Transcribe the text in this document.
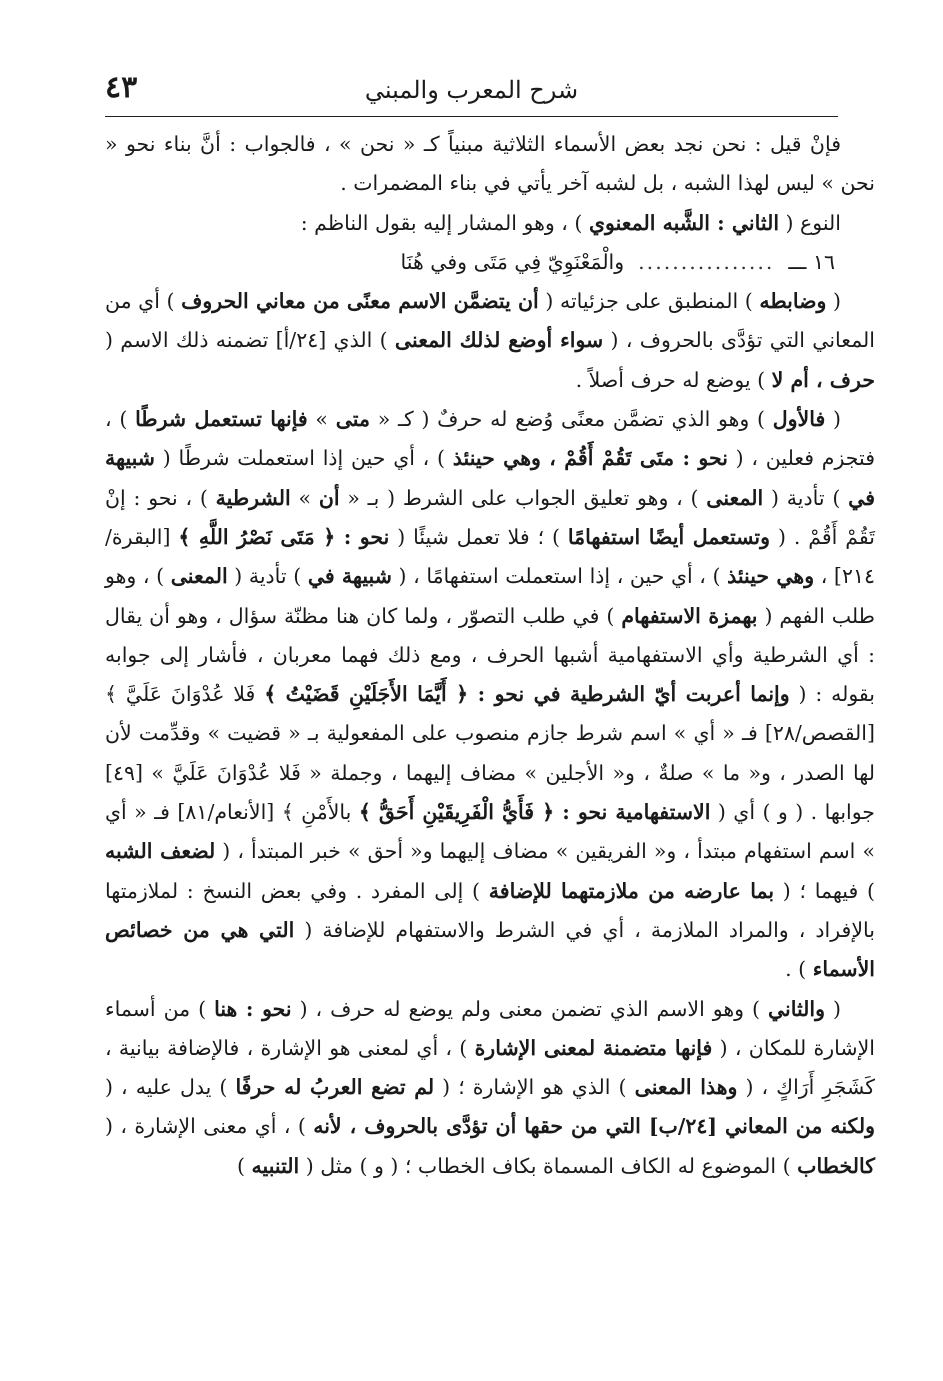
شرح المعرب والمبني
٤٣

فإنْ قيل : نحن نجد بعض الأسماء الثلاثية مبنياً كـ « نحن » ، فالجواب : أنَّ بناء نحو « نحن » ليس لهذا الشبه ، بل لشبه آخر يأتي في بناء المضمرات .

النوع ( الثاني : الشَّبه المعنوي ) ، وهو المشار إليه بقول الناظم :

١٦ ـــ
................
والْمَعْنَوِيّ فِي مَتَى وفي هُنَا

( وضابطه ) المنطبق على جزئياته ( أن يتضمَّن الاسم معنًى من معاني الحروف ) أي من المعاني التي تؤدَّى بالحروف ، ( سواء أوضع لذلك المعنى ) الذي [٢٤/أ] تضمنه ذلك الاسم ( حرف ، أم لا ) يوضع له حرف أصلاً .

( فالأول ) وهو الذي تضمَّن معنًى وُضع له حرفٌ ( كـ « متى » فإنها تستعمل شرطًا ) ، فتجزم فعلين ، ( نحو : متَى تَقُمْ أَقُمْ ، وهي حينئذ ) ، أي حين إذا استعملت شرطًا ( شبيهة في ) تأدية ( المعنى ) ، وهو تعليق الجواب على الشرط ( بـ « أن » الشرطية ) ، نحو : إنْ تَقُمْ أَقُمْ . ( وتستعمل أيضًا استفهامًا ) ؛ فلا تعمل شيئًا ( نحو : ﴿ مَتَى نَصْرُ اللَّهِ ﴾ [البقرة/٢١٤] ، وهي حينئذ ) ، أي حين ، إذا استعملت استفهامًا ، ( شبيهة في ) تأدية ( المعنى ) ، وهو طلب الفهم ( بهمزة الاستفهام ) في طلب التصوّر ، ولما كان هنا مظنّة سؤال ، وهو أن يقال : أي الشرطية وأي الاستفهامية أشبها الحرف ، ومع ذلك فهما معربان ، فأشار إلى جوابه بقوله : ( وإنما أعربت أيّ الشرطية في نحو : ﴿ أَيَّمَا الأَجَلَيْنِ قَضَيْتُ ﴾ فَلا عُدْوَانَ عَلَيَّ ﴾ [القصص/٢٨] فـ « أي » اسم شرط جازم منصوب على المفعولية بـ « قضيت » وقدِّمت لأن لها الصدر ، و« ما » صلةٌ ، و« الأجلين » مضاف إليهما ، وجملة « فَلا عُدْوَانَ عَلَيَّ » [٤٩] جوابها . ( و ) أي ( الاستفهامية نحو : ﴿ فَأَيُّ الْفَرِيقَيْنِ أَحَقُّ ﴾ بالأَمْنِ ﴾ [الأنعام/٨١] فـ « أي » اسم استفهام مبتدأ ، و« الفريقين » مضاف إليهما و« أحق » خبر المبتدأ ، ( لضعف الشبه ) فيهما ؛ ( بما عارضه من ملازمتهما للإضافة ) إلى المفرد . وفي بعض النسخ : لملازمتها بالإفراد ، والمراد الملازمة ، أي في الشرط والاستفهام للإضافة ( التي هي من خصائص الأسماء ) .

( والثاني ) وهو الاسم الذي تضمن معنى ولم يوضع له حرف ، ( نحو : هنا ) من أسماء الإشارة للمكان ، ( فإنها متضمنة لمعنى الإشارة ) ، أي لمعنى هو الإشارة ، فالإضافة بيانية ، كَشَجَرِ أَرَاكٍ ، ( وهذا المعنى ) الذي هو الإشارة ؛ ( لم تضع العربُ له حرفًا ) يدل عليه ، ( ولكنه من المعاني [٢٤/ب] التي من حقها أن تؤدَّى بالحروف ، لأنه ) ، أي معنى الإشارة ، ( كالخطاب ) الموضوع له الكاف المسماة بكاف الخطاب ؛ ( و ) مثل ( التنبيه )
